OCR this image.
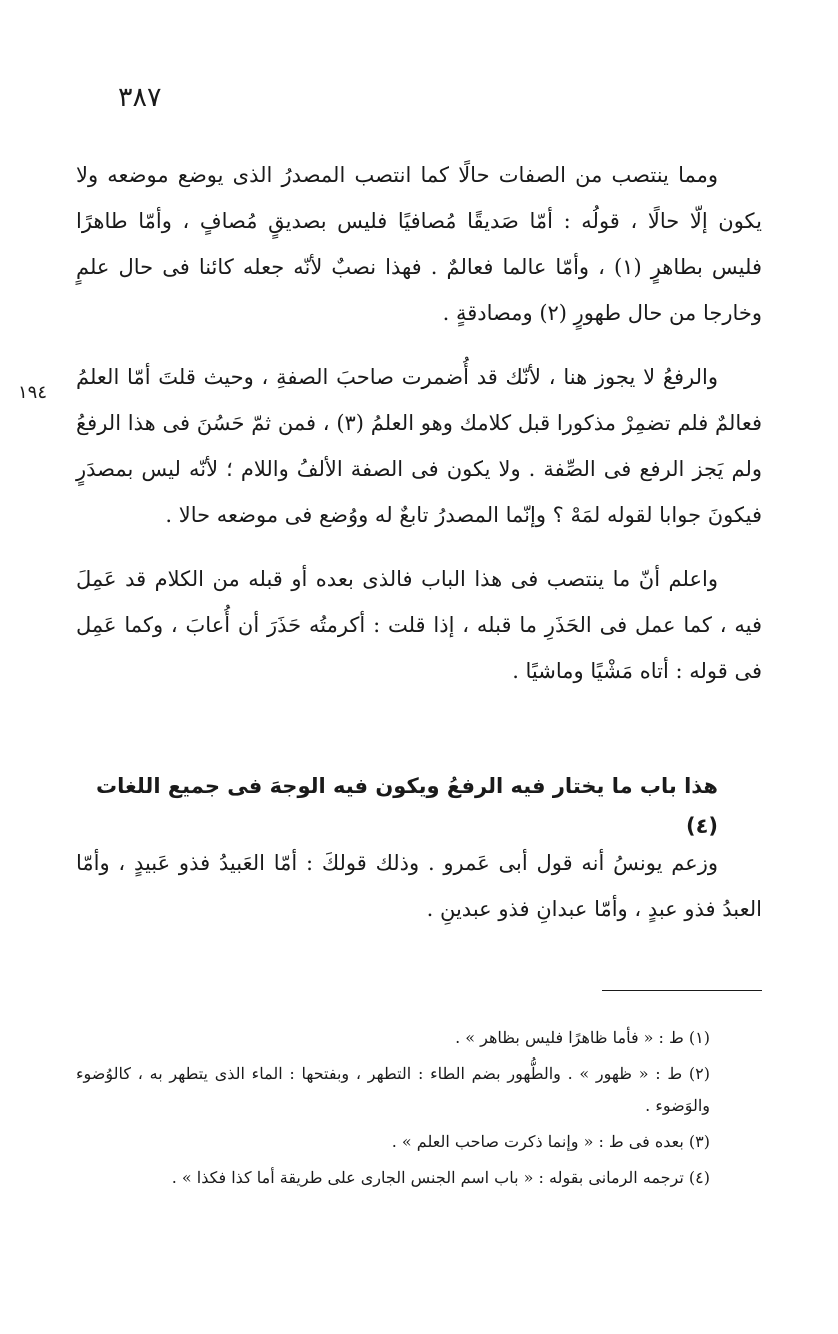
٣٨٧
١٩٤

ومما ينتصب من الصفات حالًا كما انتصب المصدرُ الذى يوضع موضعه ولا يكون إلّا حالًا ، قولُه : أمّا صَديقًا مُصافيًا فليس بصديقٍ مُصافٍ ، وأمّا طاهرًا فليس بطاهرٍ (١) ، وأمّا عالما فعالمٌ . فهذا نصبٌ لأنّه جعله كائنا فى حال علمٍ وخارجا من حال طهورٍ (٢) ومصادقةٍ .

والرفعُ لا يجوز هنا ، لأنّك قد أُضمرت صاحبَ الصفةِ ، وحيث قلتَ أمّا العلمُ فعالمٌ فلم تضمِرْ مذكورا قبل كلامك وهو العلمُ (٣) ، فمن ثمّ حَسُنَ فى هذا الرفعُ ولم يَجز الرفع فى الصِّفة . ولا يكون فى الصفة الألفُ واللام ؛ لأنّه ليس بمصدَرٍ فيكونَ جوابا لقوله لمَهْ ؟ وإنّما المصدرُ تابعٌ له ووُضع فى موضعه حالا .

واعلم أنّ ما ينتصب فى هذا الباب فالذى بعده أو قبله من الكلام قد عَمِلَ فيه ، كما عمل فى الحَذَرِ ما قبله ، إذا قلت : أكرمتُه حَذَرَ أن أُعابَ ، وكما عَمِل فى قوله : أتاه مَشْيًا وماشيًا .

هذا باب ما يختار فيه الرفعُ ويكون فيه الوجهَ فى جميع اللغات (٤)

وزعم يونسُ أنه قول أبى عَمرو . وذلك قولكَ : أمّا العَبيدُ فذو عَبيدٍ ، وأمّا العبدُ فذو عبدٍ ، وأمّا عبدانِ فذو عبدينِ .

(١) ط : « فأما ظاهرًا فليس بظاهر » .
(٢) ط : « ظهور » . والطُّهور بضم الطاء : التطهر ، وبفتحها : الماء الذى يتطهر به ، كالوُضوء والوَضوء .
(٣) بعده فى ط : « وإنما ذكرت صاحب العلم » .
(٤) ترجمه الرمانى بقوله : « باب اسم الجنس الجارى على طريقة أما كذا فكذا » .
